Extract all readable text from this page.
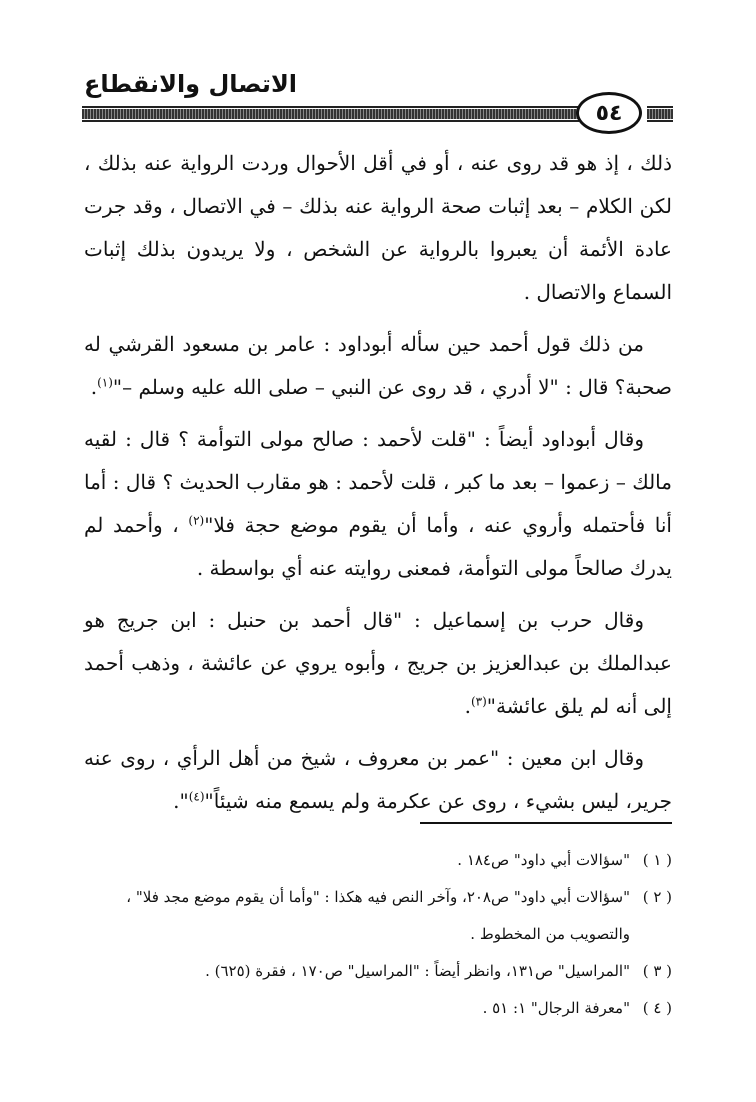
الاتصال والانقطاع
٥٤

ذلك ، إذ هو قد روى عنه ، أو في أقل الأحوال وردت الرواية عنه بذلك ، لكن الكلام – بعد إثبات صحة الرواية عنه بذلك – في الاتصال ، وقد جرت عادة الأئمة أن يعبروا بالرواية عن الشخص ، ولا يريدون بذلك إثبات السماع والاتصال .

من ذلك قول أحمد حين سأله أبوداود : عامر بن مسعود القرشي له صحبة؟ قال : "لا أدري ، قد روى عن النبي – صلى الله عليه وسلم –"$^{(١)}$.

وقال أبوداود أيضاً : "قلت لأحمد : صالح مولى التوأمة ؟ قال : لقيه مالك – زعموا – بعد ما كبر ، قلت لأحمد : هو مقارب الحديث ؟ قال : أما أنا فأحتمله وأروي عنه ، وأما أن يقوم موضع حجة فلا"$^{(٢)}$ ، وأحمد لم يدرك صالحاً مولى التوأمة، فمعنى روايته عنه أي بواسطة .

وقال حرب بن إسماعيل : "قال أحمد بن حنبل : ابن جريج هو عبدالملك بن عبدالعزيز بن جريج ، وأبوه يروي عن عائشة ، وذهب أحمد إلى أنه لم يلق عائشة"$^{(٣)}$.

وقال ابن معين : "عمر بن معروف ، شيخ من أهل الرأي ، روى عنه جرير، ليس بشيء ، روى عن عكرمة ولم يسمع منه شيئاً"$^{(٤)}$".

( ١ )
"سؤالات أبي داود" ص١٨٤ .
( ٢ )
"سؤالات أبي داود" ص٢٠٨، وآخر النص فيه هكذا : "وأما أن يقوم موضع مجد فلا" ، والتصويب من المخطوط .
( ٣ )
"المراسيل" ص١٣١، وانظر أيضاً : "المراسيل" ص١٧٠ ، فقرة (٦٢٥) .
( ٤ )
"معرفة الرجال" ١: ٥١ .
